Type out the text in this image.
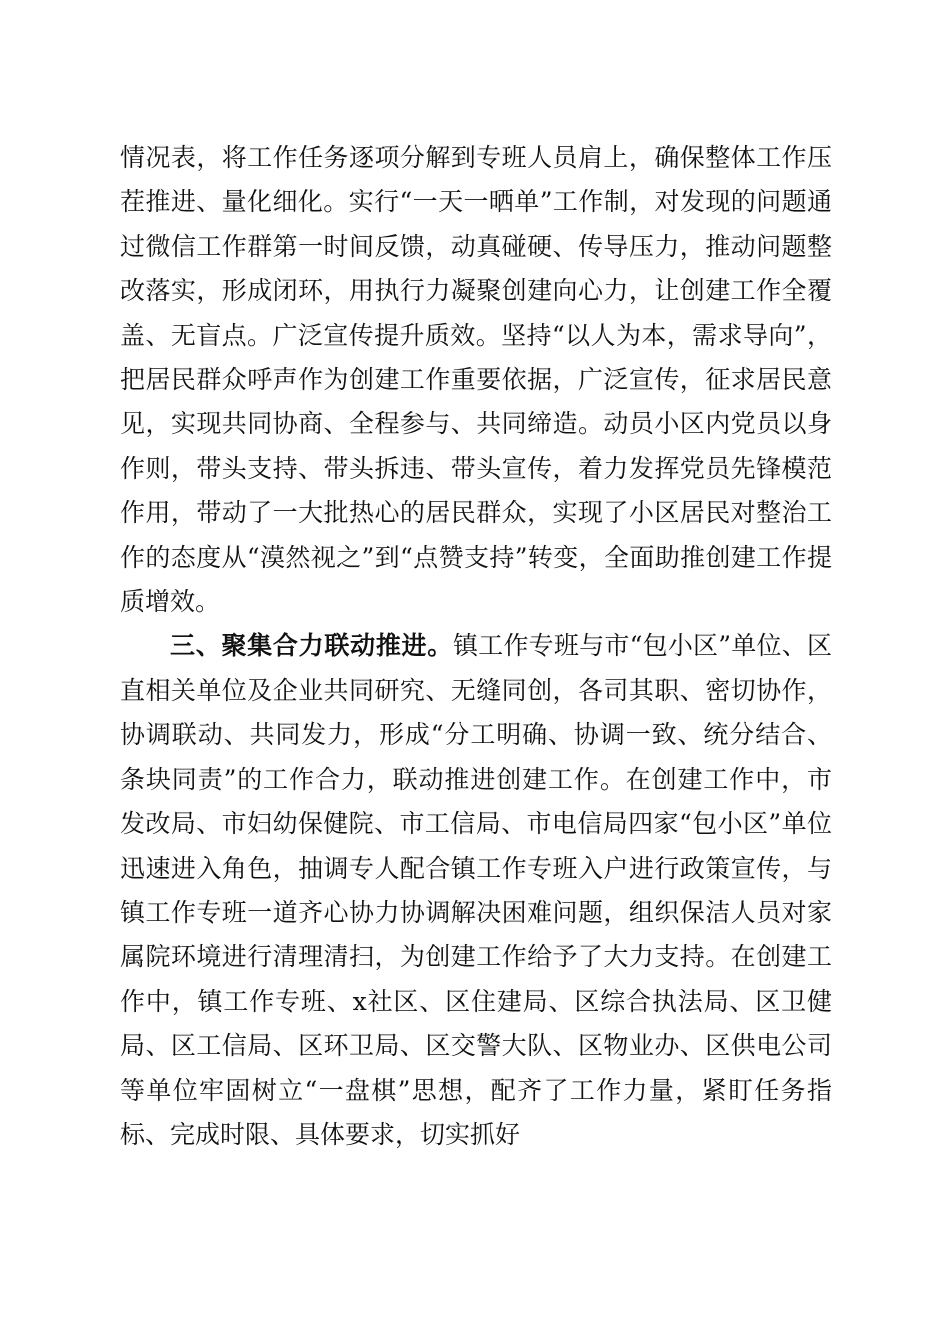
情况表，将工作任务逐项分解到专班人员肩上，确保整体工作压茬推进、量化细化。实行“一天一晒单”工作制，对发现的问题通过微信工作群第一时间反馈，动真碰硬、传导压力，推动问题整改落实，形成闭环，用执行力凝聚创建向心力，让创建工作全覆盖、无盲点。广泛宣传提升质效。坚持“以人为本，需求导向”，把居民群众呼声作为创建工作重要依据，广泛宣传，征求居民意见，实现共同协商、全程参与、共同缔造。动员小区内党员以身作则，带头支持、带头拆违、带头宣传，着力发挥党员先锋模范作用，带动了一大批热心的居民群众，实现了小区居民对整治工作的态度从“漠然视之”到“点赞支持”转变，全面助推创建工作提质增效。

三、聚集合力联动推进。镇工作专班与市“包小区”单位、区直相关单位及企业共同研究、无缝同创，各司其职、密切协作，协调联动、共同发力，形成“分工明确、协调一致、统分结合、条块同责”的工作合力，联动推进创建工作。在创建工作中，市发改局、市妇幼保健院、市工信局、市电信局四家“包小区”单位迅速进入角色，抽调专人配合镇工作专班入户进行政策宣传，与镇工作专班一道齐心协力协调解决困难问题，组织保洁人员对家属院环境进行清理清扫，为创建工作给予了大力支持。在创建工作中，镇工作专班、x社区、区住建局、区综合执法局、区卫健局、区工信局、区环卫局、区交警大队、区物业办、区供电公司等单位牢固树立“一盘棋”思想，配齐了工作力量，紧盯任务指标、完成时限、具体要求，切实抓好
